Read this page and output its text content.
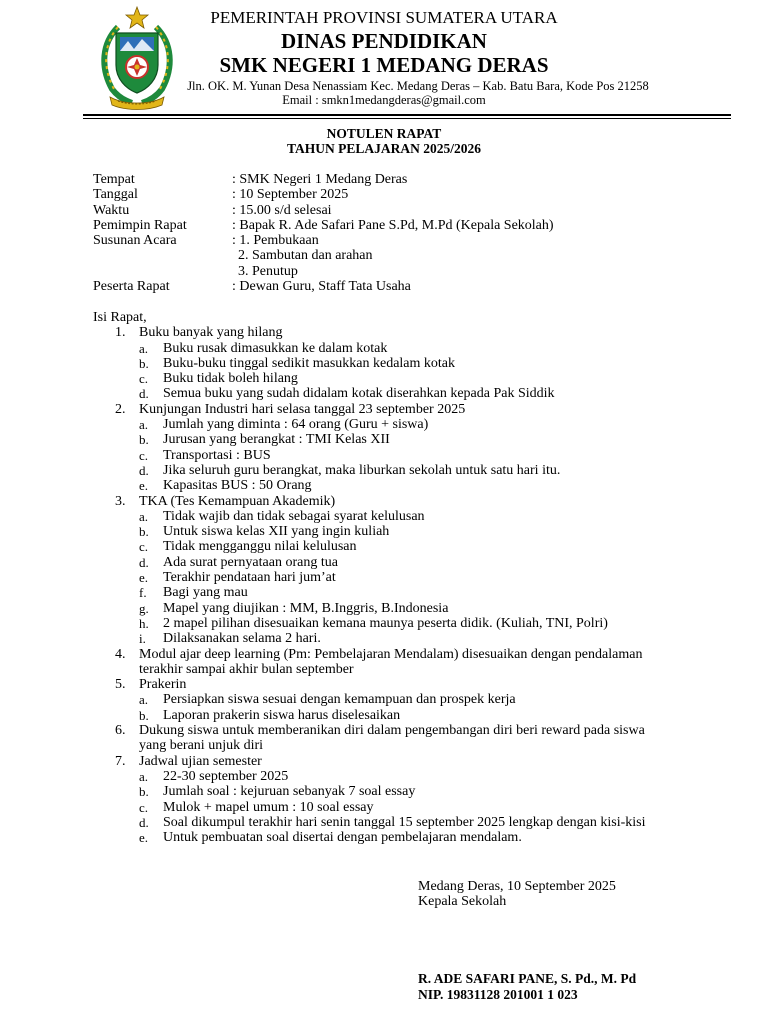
PEMERINTAH PROVINSI SUMATERA UTARA
DINAS PENDIDIKAN
SMK NEGERI 1 MEDANG DERAS
Jln. OK. M. Yunan Desa Nenassiam Kec. Medang Deras – Kab. Batu Bara, Kode Pos 21258
Email : smkn1medangderas@gmail.com
NOTULEN RAPAT
TAHUN PELAJARAN 2025/2026
Tempat	: SMK Negeri 1 Medang Deras
Tanggal	: 10 September 2025
Waktu	: 15.00 s/d selesai
Pemimpin Rapat	: Bapak R. Ade Safari Pane S.Pd, M.Pd (Kepala Sekolah)
Susunan Acara	: 1. Pembukaan
2. Sambutan dan arahan
3. Penutup
Peserta Rapat	: Dewan Guru, Staff Tata Usaha
Isi Rapat,
1. Buku banyak yang hilang
a. Buku rusak dimasukkan ke dalam kotak
b. Buku-buku tinggal sedikit masukkan kedalam kotak
c. Buku tidak boleh hilang
d. Semua buku yang sudah didalam kotak diserahkan kepada Pak Siddik
2. Kunjungan Industri hari selasa tanggal 23 september 2025
a. Jumlah yang diminta : 64 orang (Guru + siswa)
b. Jurusan yang berangkat : TMI Kelas XII
c. Transportasi : BUS
d. Jika seluruh guru berangkat, maka liburkan sekolah untuk satu hari itu.
e. Kapasitas BUS : 50 Orang
3. TKA (Tes Kemampuan Akademik)
a. Tidak wajib dan tidak sebagai syarat kelulusan
b. Untuk siswa kelas XII yang ingin kuliah
c. Tidak mengganggu nilai kelulusan
d. Ada surat pernyataan orang tua
e. Terakhir pendataan hari jum’at
f. Bagi yang mau
g. Mapel yang diujikan : MM, B.Inggris, B.Indonesia
h. 2 mapel pilihan disesuaikan kemana maunya peserta didik. (Kuliah, TNI, Polri)
i. Dilaksanakan selama 2 hari.
4. Modul ajar deep learning (Pm: Pembelajaran Mendalam) disesuaikan dengan pendalaman terakhir sampai akhir bulan september
5. Prakerin
a. Persiapkan siswa sesuai dengan kemampuan dan prospek kerja
b. Laporan prakerin siswa harus diselesaikan
6. Dukung siswa untuk memberanikan diri dalam pengembangan diri beri reward pada siswa yang berani unjuk diri
7. Jadwal ujian semester
a. 22-30 september 2025
b. Jumlah soal : kejuruan sebanyak 7 soal essay
c. Mulok + mapel umum : 10 soal essay
d. Soal dikumpul terakhir hari senin tanggal 15 september 2025 lengkap dengan kisi-kisi
e. Untuk pembuatan soal disertai dengan pembelajaran mendalam.
Medang Deras, 10 September 2025
Kepala Sekolah
R. ADE SAFARI PANE, S. Pd., M. Pd
NIP. 19831128 201001 1 023
